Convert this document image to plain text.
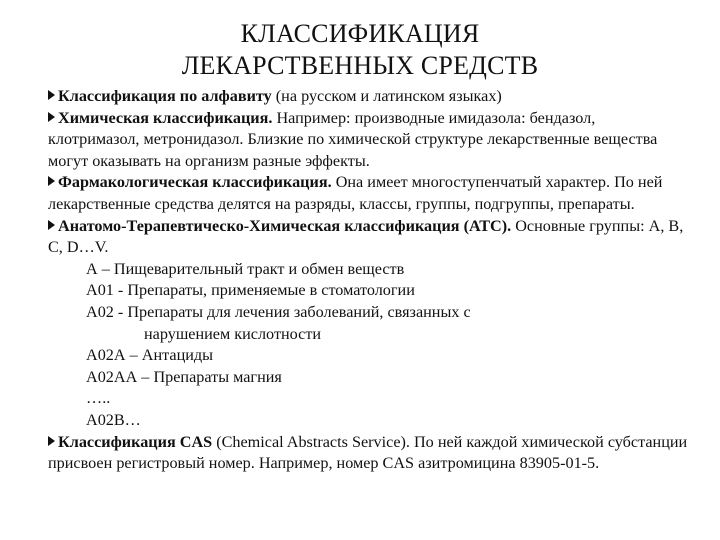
КЛАССИФИКАЦИЯ
ЛЕКАРСТВЕННЫХ СРЕДСТВ

Классификация по алфавиту (на русском и латинском языках)

Химическая классификация. Например: производные имидазола: бендазол, клотримазол, метронидазол. Близкие по химической структуре лекарственные вещества могут оказывать на организм разные эффекты.

Фармакологическая классификация. Она имеет многоступенчатый характер. По ней лекарственные средства делятся на разряды, классы, группы, подгруппы, препараты.

Анатомо-Терапевтическо-Химическая классификация (АТС). Основные группы: A, B, C, D…V.

А – Пищеварительный тракт и обмен веществ
А01 - Препараты, применяемые в стоматологии
А02 - Препараты для лечения заболеваний, связанных с
нарушением кислотности
А02А – Антациды
А02АА – Препараты магния
…..
А02В…

Классификация CAS (Chemical Abstracts Service). По ней каждой химической субстанции присвоен регистровый номер. Например, номер CAS азитромицина 83905-01-5.
